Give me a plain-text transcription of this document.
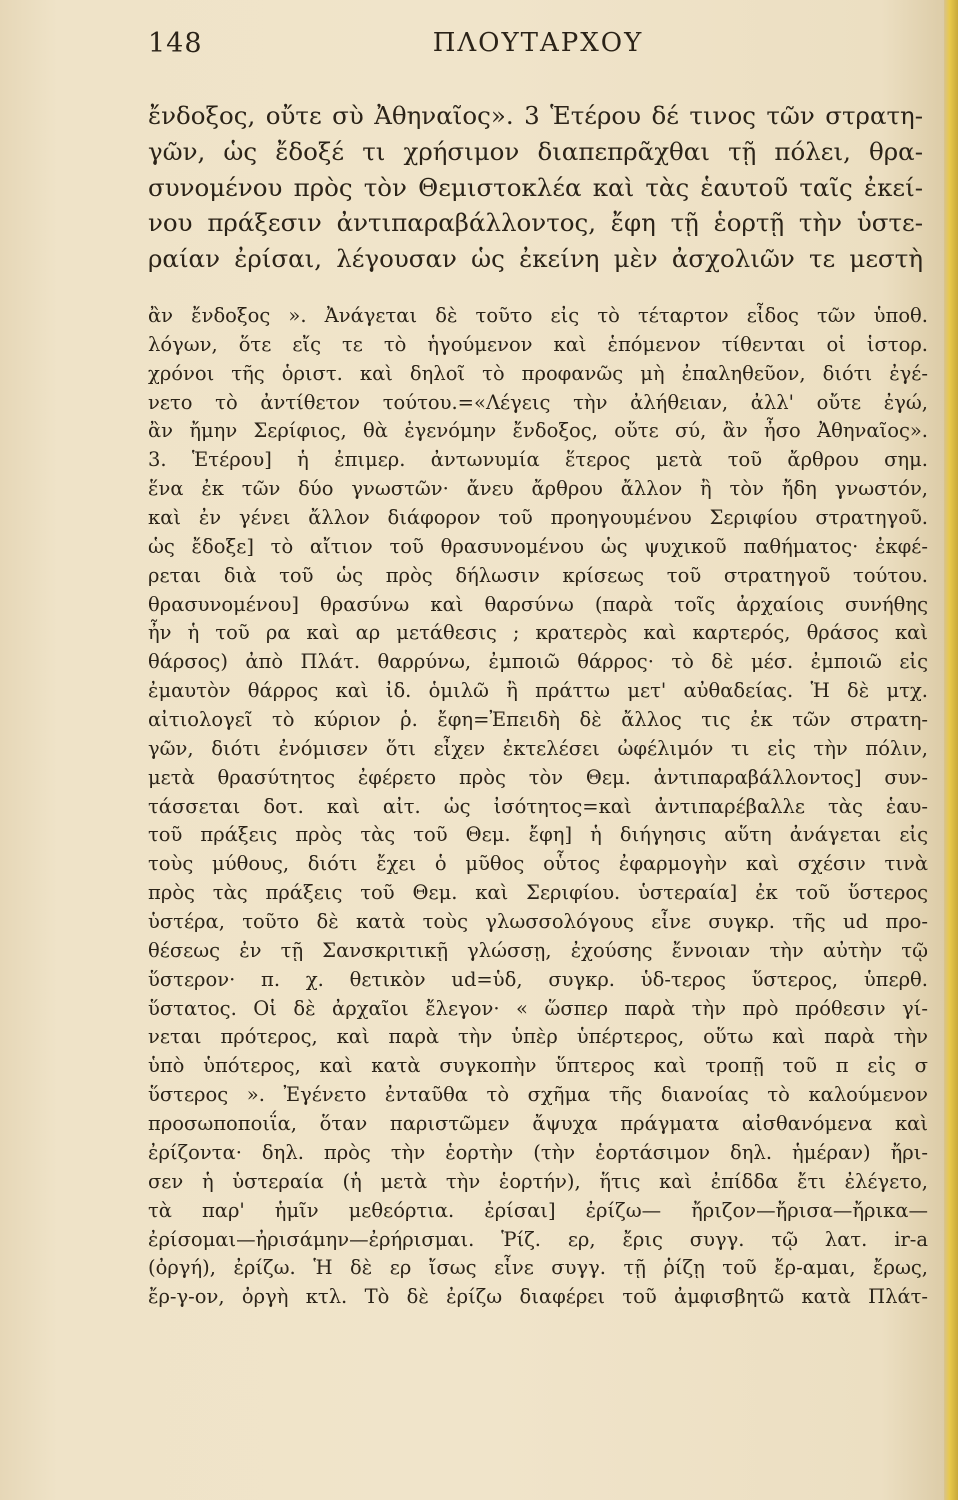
148	ΠΛΟΥΤΑΡΧΟΥ
ἔνδοξος, οὔτε σὺ Ἀθηναῖος». 3 Ἑτέρου δέ τινος τῶν στρατη-
γῶν, ὡς ἔδοξέ τι χρήσιμον διαπεπρᾶχθαι τῇ πόλει, θρα-
συνομένου πρὸς τὸν Θεμιστοκλέα καὶ τὰς ἑαυτοῦ ταῖς ἐκεί-
νου πράξεσιν ἀντιπαραβάλλοντος, ἔφη τῇ ἑορτῇ τὴν ὑστε-
ραίαν ἐρίσαι, λέγουσαν ὡς ἐκείνη μὲν ἀσχολιῶν τε μεστὴ
ἂν ἔνδοξος ». Ἀνάγεται δὲ τοῦτο εἰς τὸ τέταρτον εἶδος τῶν ὑποθ.
λόγων, ὅτε εἴς τε τὸ ἡγούμενον καὶ ἑπόμενον τίθενται οἱ ἱστορ.
χρόνοι τῆς ὁριστ. καὶ δηλοῖ τὸ προφανῶς μὴ ἐπαληθεῦον, διότι ἐγέ-
νετο τὸ ἀντίθετον τούτου.=«Λέγεις τὴν ἀλήθειαν, ἀλλ' οὔτε ἐγώ,
ἂν ἤμην Σερίφιος, θὰ ἐγενόμην ἔνδοξος, οὔτε σύ, ἂν ἦσο Ἀθηναῖος».
3. Ἑτέρου] ἡ ἐπιμερ. ἀντωνυμία ἕτερος μετὰ τοῦ ἄρθρου σημ.
ἕνα ἐκ τῶν δύο γνωστῶν· ἄνευ ἄρθρου ἄλλον ἢ τὸν ἤδη γνωστόν,
καὶ ἐν γένει ἄλλον διάφορον τοῦ προηγουμένου Σεριφίου στρατηγοῦ.
ὡς ἔδοξε] τὸ αἴτιον τοῦ θρασυνομένου ὡς ψυχικοῦ παθήματος· ἐκφέ-
ρεται διὰ τοῦ ὡς πρὸς δήλωσιν κρίσεως τοῦ στρατηγοῦ τούτου.
θρασυνομένου] θρασύνω καὶ θαρσύνω (παρὰ τοῖς ἀρχαίοις συνήθης
ἦν ἡ τοῦ ρα καὶ αρ μετάθεσις ; κρατερὸς καὶ καρτερός, θράσος καὶ
θάρσος) ἀπὸ Πλάτ. θαρρύνω, ἐμποιῶ θάρρος· τὸ δὲ μέσ. ἐμποιῶ εἰς
ἐμαυτὸν θάρρος καὶ ἰδ. ὁμιλῶ ἢ πράττω μετ' αὐθαδείας. Ἡ δὲ μτχ.
αἰτιολογεῖ τὸ κύριον ῥ. ἔφη=Ἐπειδὴ δὲ ἄλλος τις ἐκ τῶν στρατη-
γῶν, διότι ἐνόμισεν ὅτι εἶχεν ἐκτελέσει ὠφέλιμόν τι εἰς τὴν πόλιν,
μετὰ θρασύτητος ἐφέρετο πρὸς τὸν Θεμ. ἀντιπαραβάλλοντος] συν-
τάσσεται δοτ. καὶ αἰτ. ὡς ἰσότητος=καὶ ἀντιπαρέβαλλε τὰς ἑαυ-
τοῦ πράξεις πρὸς τὰς τοῦ Θεμ. ἔφη] ἡ διήγησις αὕτη ἀνάγεται εἰς
τοὺς μύθους, διότι ἔχει ὁ μῦθος οὗτος ἐφαρμογὴν καὶ σχέσιν τινὰ
πρὸς τὰς πράξεις τοῦ Θεμ. καὶ Σεριφίου. ὑστεραία] ἐκ τοῦ ὕστερος
ὑστέρα, τοῦτο δὲ κατὰ τοὺς γλωσσολόγους εἶνε συγκρ. τῆς ud προ-
θέσεως ἐν τῇ Σανσκριτικῇ γλώσσῃ, ἐχούσης ἔννοιαν τὴν αὐτὴν τῷ
ὕστερον· π. χ. θετικὸν ud=ὑδ, συγκρ. ὑδ-τερος ὕστερος, ὑπερθ.
ὕστατος. Οἱ δὲ ἀρχαῖοι ἔλεγον· « ὥσπερ παρὰ τὴν πρὸ πρόθεσιν γί-
νεται πρότερος, καὶ παρὰ τὴν ὑπὲρ ὑπέρτερος, οὕτω καὶ παρὰ τὴν
ὑπὸ ὑπότερος, καὶ κατὰ συγκοπὴν ὕπτερος καὶ τροπῇ τοῦ π εἰς σ
ὕστερος ». Ἐγένετο ἐνταῦθα τὸ σχῆμα τῆς διανοίας τὸ καλούμενον
προσωποποιΐα, ὅταν παριστῶμεν ἄψυχα πράγματα αἰσθανόμενα καὶ
ἐρίζοντα· δηλ. πρὸς τὴν ἑορτὴν (τὴν ἑορτάσιμον δηλ. ἡμέραν) ἤρι-
σεν ἡ ὑστεραία (ἡ μετὰ τὴν ἑορτήν), ἥτις καὶ ἐπίδδα ἔτι ἐλέγετο,
τὰ παρ' ἡμῖν μεθεόρτια. ἐρίσαι] ἐρίζω— ἤριζον—ἤρισα—ἤρικα—
ἐρίσομαι—ἠρισάμην—ἐρήρισμαι. Ῥίζ. ερ, ἔρις συγγ. τῷ λατ. ir-a
(ὀργή), ἐρίζω. Ἡ δὲ ερ ἴσως εἶνε συγγ. τῇ ῥίζῃ τοῦ ἔρ-αμαι, ἔρως,
ἔρ-γ-ον, ὀργὴ κτλ. Τὸ δὲ ἐρίζω διαφέρει τοῦ ἀμφισβητῶ κατὰ Πλάτ-
